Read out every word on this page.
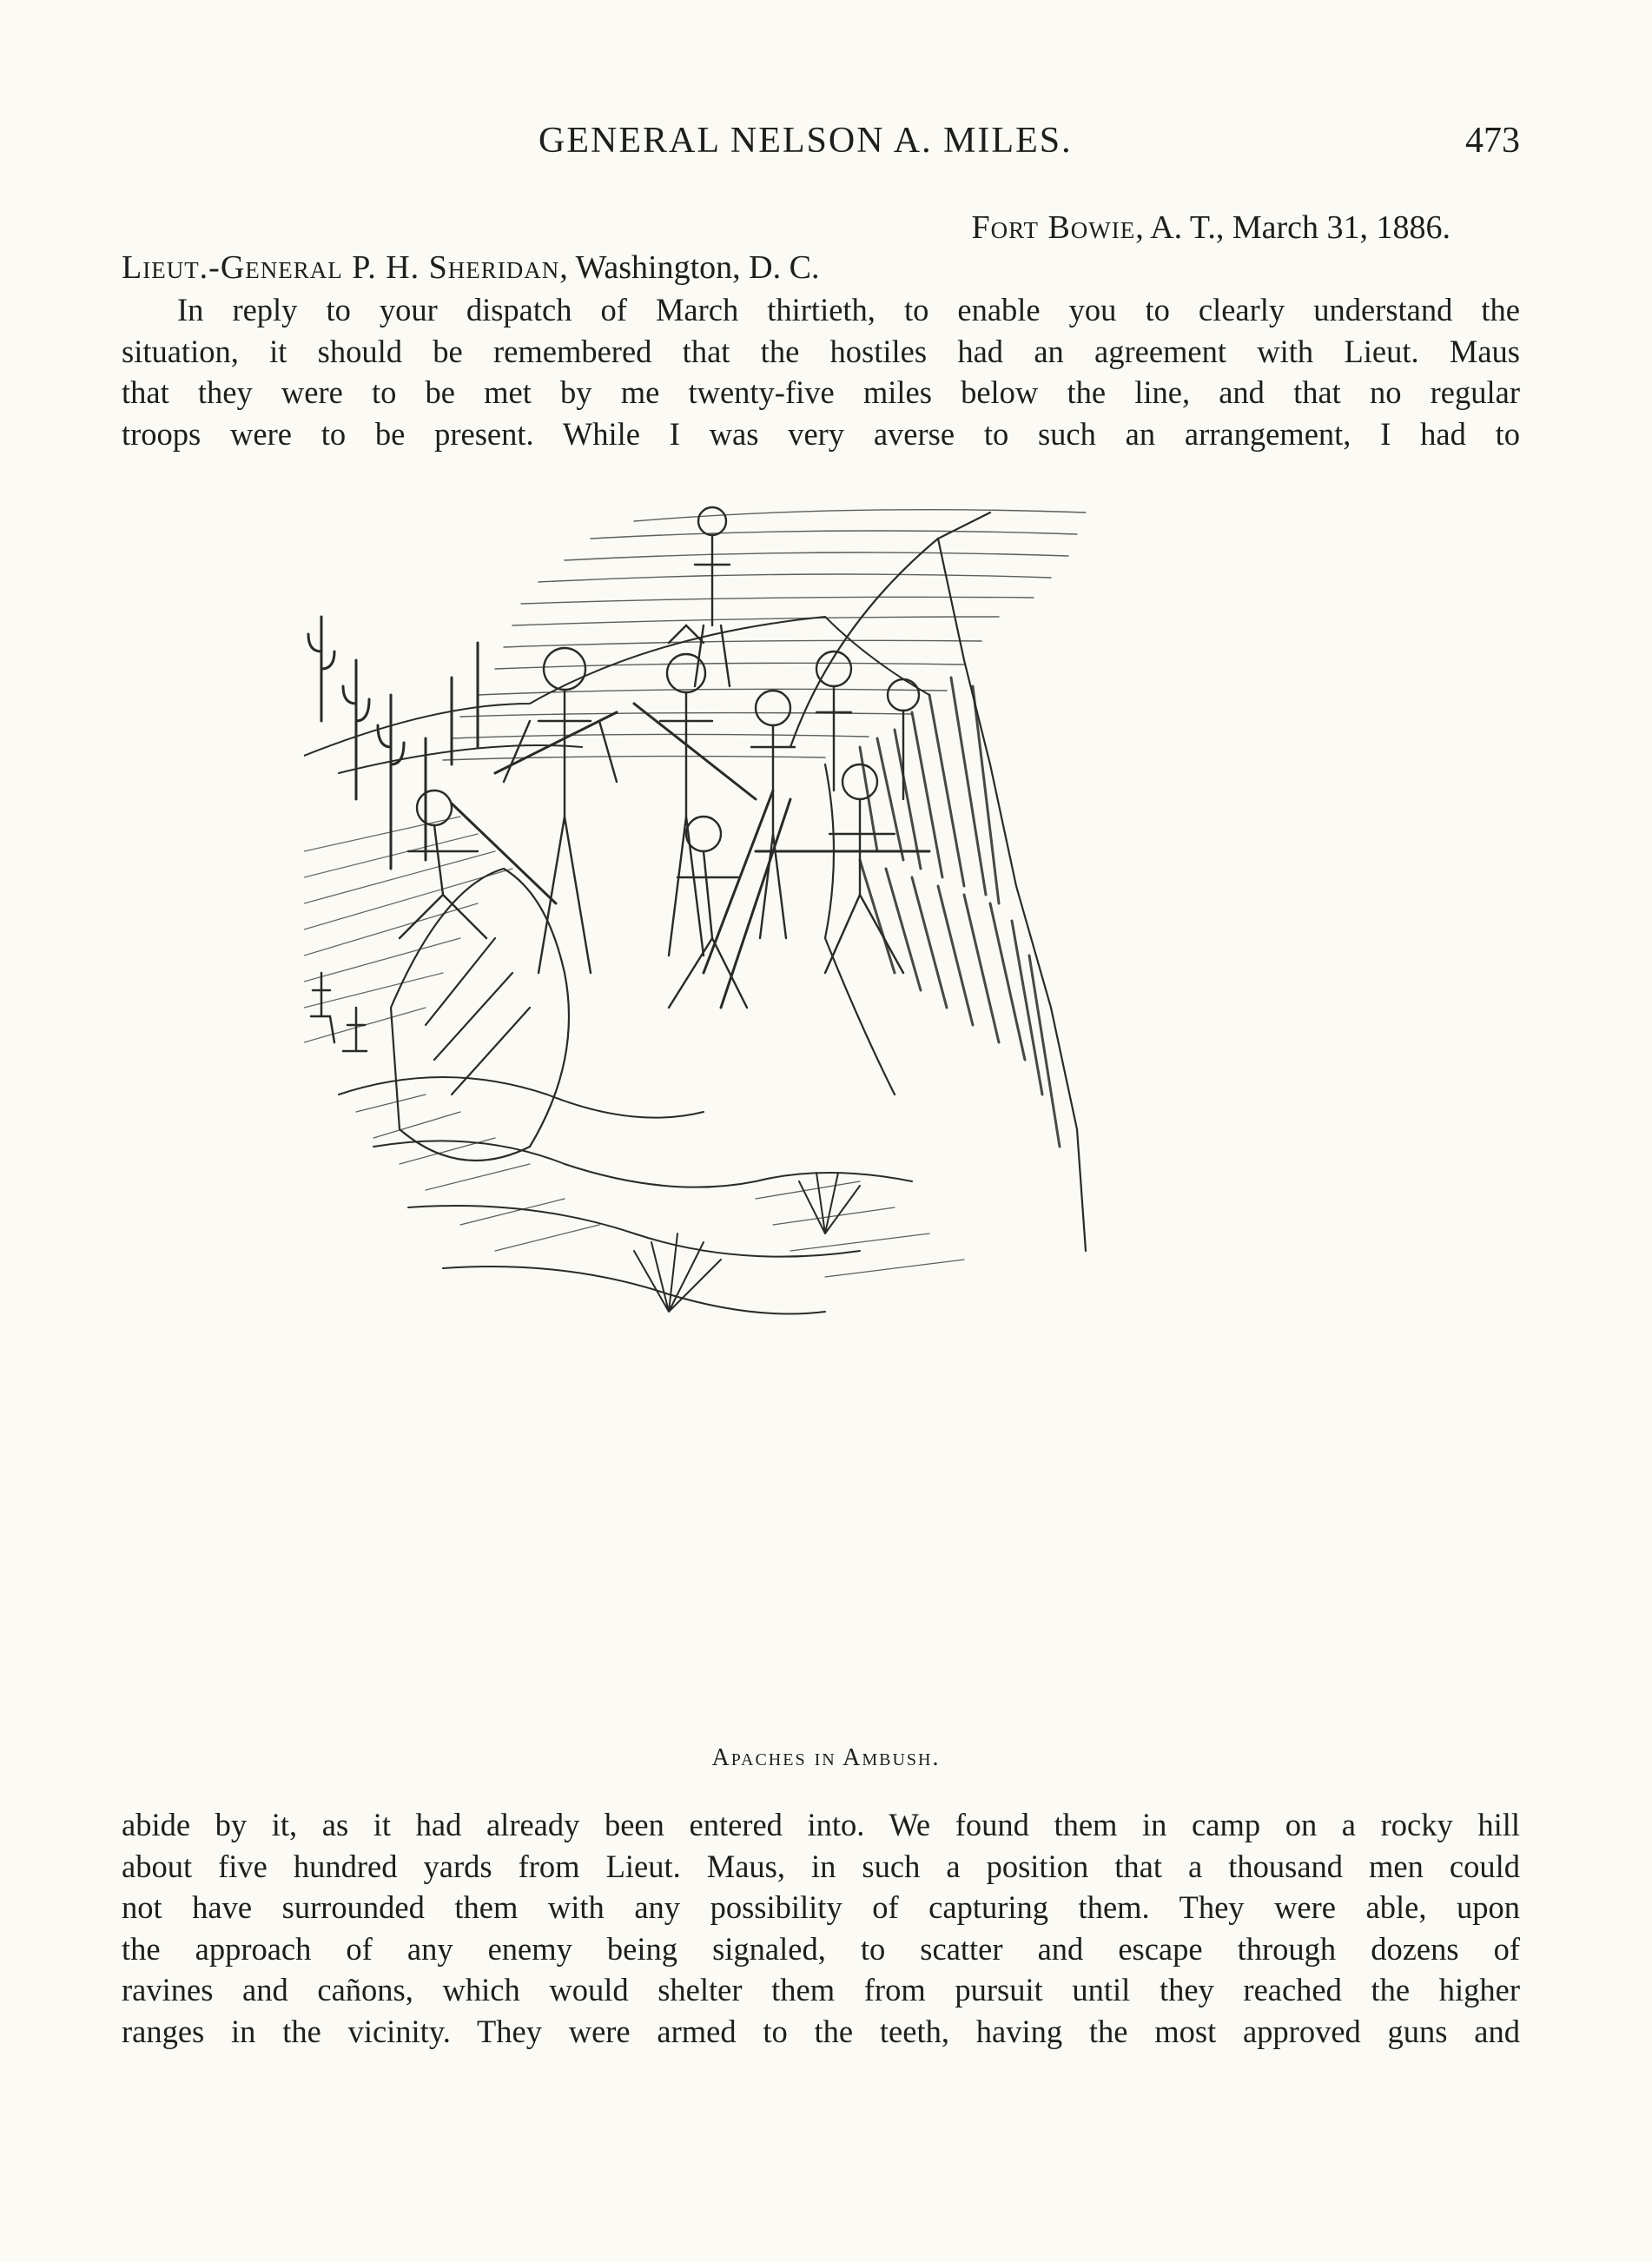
GENERAL NELSON A. MILES.	473
Fort Bowie, A. T., March 31, 1886.
Lieut.-General P. H. Sheridan, Washington, D. C.
In reply to your dispatch of March thirtieth, to enable you to clearly understand the
situation, it should be remembered that the hostiles had an agreement with Lieut. Maus
that they were to be met by me twenty-five miles below the line, and that no regular
troops were to be present. While I was very averse to such an arrangement, I had to
Apaches in Ambush.
abide by it, as it had already been entered into. We found them in camp on a rocky hill
about five hundred yards from Lieut. Maus, in such a position that a thousand men could
not have surrounded them with any possibility of capturing them. They were able, upon
the approach of any enemy being signaled, to scatter and escape through dozens of
ravines and cañons, which would shelter them from pursuit until they reached the higher
ranges in the vicinity. They were armed to the teeth, having the most approved guns and
